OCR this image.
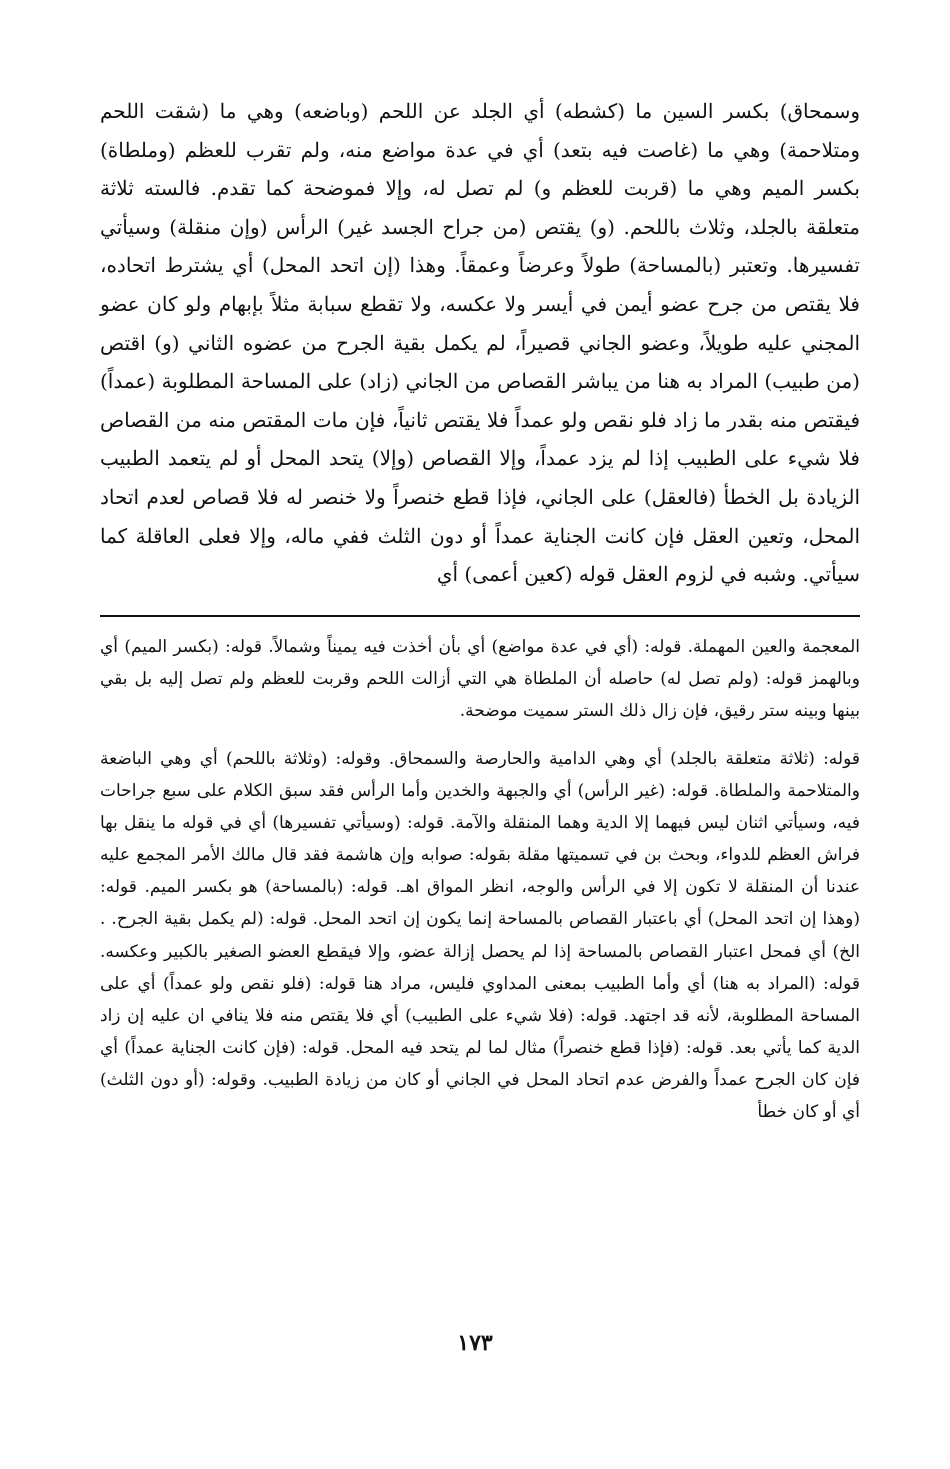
وسمحاق) بكسر السين ما (كشطه) أي الجلد عن اللحم (وباضعه) وهي ما (شقت اللحم ومتلاحمة) وهي ما (غاصت فيه بتعد) أي في عدة مواضع منه، ولم تقرب للعظم (وملطاة) بكسر الميم وهي ما (قربت للعظم و) لم تصل له، وإلا فموضحة كما تقدم. فالسته ثلاثة متعلقة بالجلد، وثلاث باللحم. (و) يقتص (من جراح الجسد غير) الرأس (وإن منقلة) وسيأتي تفسيرها. وتعتبر (بالمساحة) طولاً وعرضاً وعمقاً. وهذا (إن اتحد المحل) أي يشترط اتحاده، فلا يقتص من جرح عضو أيمن في أيسر ولا عكسه، ولا تقطع سبابة مثلاً بإبهام ولو كان عضو المجني عليه طويلاً، وعضو الجاني قصيراً، لم يكمل بقية الجرح من عضوه الثاني (و) اقتص (من طبيب) المراد به هنا من يباشر القصاص من الجاني (زاد) على المساحة المطلوبة (عمداً) فيقتص منه بقدر ما زاد فلو نقص ولو عمداً فلا يقتص ثانياً، فإن مات المقتص منه من القصاص فلا شيء على الطبيب إذا لم يزد عمداً، وإلا القصاص (وإلا) يتحد المحل أو لم يتعمد الطبيب الزيادة بل الخطأ (فالعقل) على الجاني، فإذا قطع خنصراً ولا خنصر له فلا قصاص لعدم اتحاد المحل، وتعين العقل فإن كانت الجناية عمداً أو دون الثلث ففي ماله، وإلا فعلى العاقلة كما سيأتي. وشبه في لزوم العقل قوله (كعين أعمى) أي

المعجمة والعين المهملة. قوله: (أي في عدة مواضع) أي بأن أخذت فيه يميناً وشمالاً. قوله: (بكسر الميم) أي وبالهمز قوله: (ولم تصل له) حاصله أن الملطاة هي التي أزالت اللحم وقربت للعظم ولم تصل إليه بل بقي بينها وبينه ستر رقيق، فإن زال ذلك الستر سميت موضحة.

قوله: (ثلاثة متعلقة بالجلد) أي وهي الدامية والحارصة والسمحاق. وقوله: (وثلاثة باللحم) أي وهي الباضعة والمتلاحمة والملطاة. قوله: (غير الرأس) أي والجبهة والخدين وأما الرأس فقد سبق الكلام على سبع جراحات فيه، وسيأتي اثنان ليس فيهما إلا الدية وهما المنقلة والآمة. قوله: (وسيأتي تفسيرها) أي في قوله ما ينقل بها فراش العظم للدواء، وبحث بن في تسميتها مقلة بقوله: صوابه وإن هاشمة فقد قال مالك الأمر المجمع عليه عندنا أن المنقلة لا تكون إلا في الرأس والوجه، انظر المواق اهـ. قوله: (بالمساحة) هو بكسر الميم. قوله: (وهذا إن اتحد المحل) أي باعتبار القصاص بالمساحة إنما يكون إن اتحد المحل. قوله: (لم يكمل بقية الجرح. . الخ) أي فمحل اعتبار القصاص بالمساحة إذا لم يحصل إزالة عضو، وإلا فيقطع العضو الصغير بالكبير وعكسه. قوله: (المراد به هنا) أي وأما الطبيب بمعنى المداوي فليس، مراد هنا قوله: (فلو نقص ولو عمداً) أي على المساحة المطلوبة، لأنه قد اجتهد. قوله: (فلا شيء على الطبيب) أي فلا يقتص منه فلا ينافي ان عليه إن زاد الدية كما يأتي بعد. قوله: (فإذا قطع خنصراً) مثال لما لم يتحد فيه المحل. قوله: (فإن كانت الجناية عمداً) أي فإن كان الجرح عمداً والفرض عدم اتحاد المحل في الجاني أو كان من زيادة الطبيب. وقوله: (أو دون الثلث) أي أو كان خطأ

١٧٣
